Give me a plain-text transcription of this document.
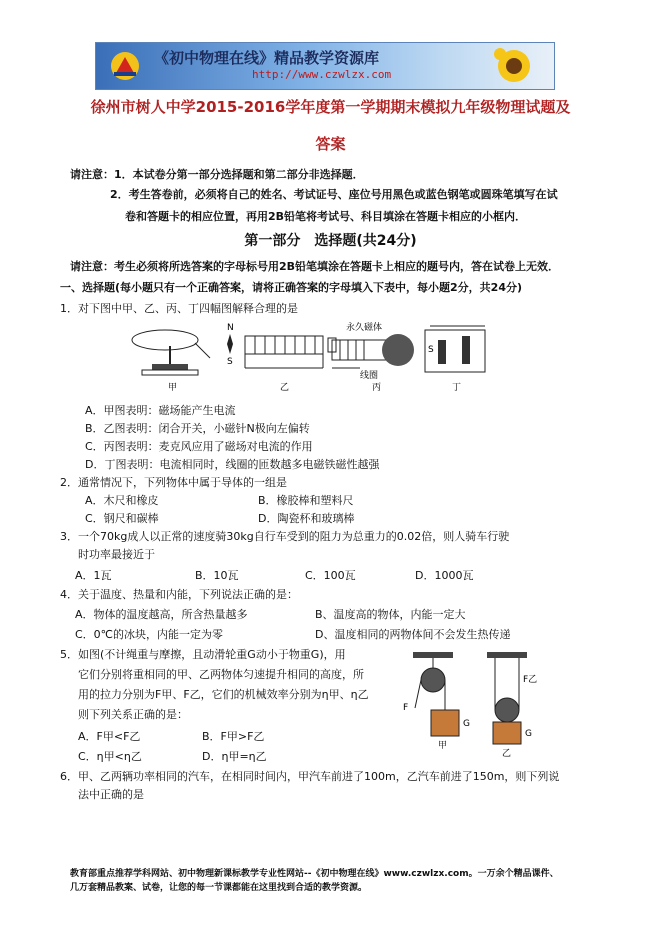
《初中物理在线》精品教学资源库
http://www.czwlzx.com
徐州市树人中学2015-2016学年度第一学期期末模拟九年级物理试题及
答案
请注意：1．本试卷分第一部分选择题和第二部分非选择题．
2．考生答卷前，必须将自己的姓名、考试证号、座位号用黑色或蓝色钢笔或圆珠笔填写在试
卷和答题卡的相应位置，再用2B铅笔将考试号、科目填涂在答题卡相应的小框内．
第一部分　选择题(共24分)
请注意：考生必须将所选答案的字母标号用2B铅笔填涂在答题卡上相应的题号内，答在试卷上无效．
一、选择题(每小题只有一个正确答案，请将正确答案的字母填入下表中，每小题2分，共24分)
1．对下图中甲、乙、丙、丁四幅图解释合理的是
甲
N
S
乙
永久磁体
线圈
丙
S
丁
A．甲图表明：磁场能产生电流
B．乙图表明：闭合开关，小磁针N极向左偏转
C．丙图表明：麦克风应用了磁场对电流的作用
D．丁图表明：电流相同时，线圈的匝数越多电磁铁磁性越强
2．通常情况下，下列物体中属于导体的一组是
A．木尺和橡皮	B．橡胶棒和塑料尺
C．钢尺和碳棒	D．陶瓷杯和玻璃棒
3．一个70kg成人以正常的速度骑30kg自行车受到的阻力为总重力的0.02倍，则人骑车行驶
时功率最接近于
A．1瓦	B．10瓦	C．100瓦	D．1000瓦
4．关于温度、热量和内能，下列说法正确的是：
A．物体的温度越高，所含热量越多	B、温度高的物体，内能一定大
C．0℃的冰块，内能一定为零	D、温度相同的两物体间不会发生热传递
5．如图(不计绳重与摩擦，且动滑轮重G动小于物重G)，用
它们分别将重相同的甲、乙两物体匀速提升相同的高度，所
用的拉力分别为F甲、F乙，它们的机械效率分别为η甲、η乙
则下列关系正确的是：
A．F甲<F乙	B．F甲>F乙
C．η甲<η乙	D．η甲=η乙
F
G
甲
F乙
G
乙
6．甲、乙两辆功率相同的汽车，在相同时间内，甲汽车前进了100m，乙汽车前进了150m，则下列说
法中正确的是
教育部重点推荐学科网站、初中物理新课标教学专业性网站--《初中物理在线》www.czwlzx.com。一万余个精品课件、
几万套精品教案、试卷，让您的每一节课都能在这里找到合适的教学资源。
